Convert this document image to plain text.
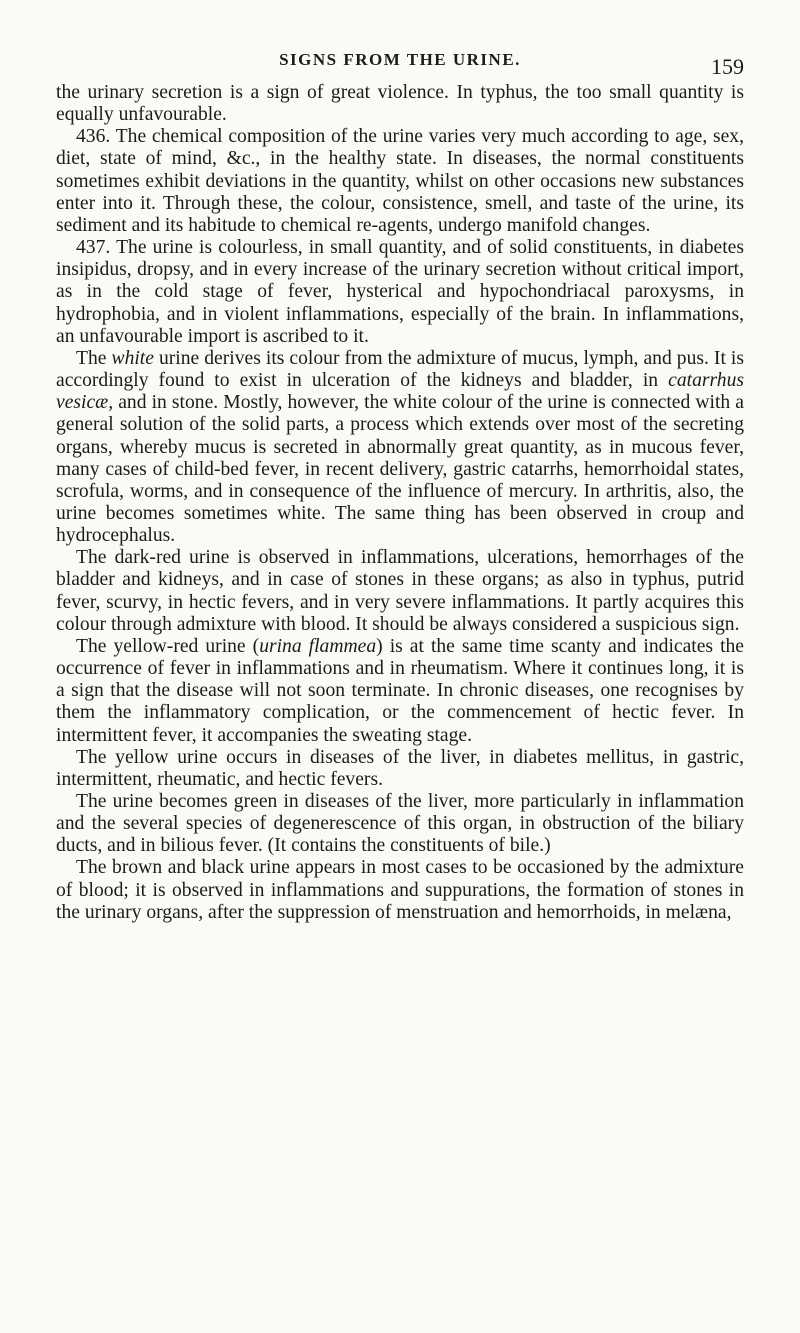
SIGNS FROM THE URINE.	159

the urinary secretion is a sign of great violence. In typhus, the too small quantity is equally unfavourable.

436. The chemical composition of the urine varies very much according to age, sex, diet, state of mind, &c., in the healthy state. In diseases, the normal constituents sometimes exhibit deviations in the quantity, whilst on other occasions new substances enter into it. Through these, the colour, consistence, smell, and taste of the urine, its sediment and its habitude to chemical re-agents, undergo manifold changes.

437. The urine is colourless, in small quantity, and of solid constituents, in diabetes insipidus, dropsy, and in every increase of the urinary secretion without critical import, as in the cold stage of fever, hysterical and hypochondriacal paroxysms, in hydrophobia, and in violent inflammations, especially of the brain. In inflammations, an unfavourable import is ascribed to it.

The white urine derives its colour from the admixture of mucus, lymph, and pus. It is accordingly found to exist in ulceration of the kidneys and bladder, in catarrhus vesicæ, and in stone. Mostly, however, the white colour of the urine is connected with a general solution of the solid parts, a process which extends over most of the secreting organs, whereby mucus is secreted in abnormally great quantity, as in mucous fever, many cases of child-bed fever, in recent delivery, gastric catarrhs, hemorrhoidal states, scrofula, worms, and in consequence of the influence of mercury. In arthritis, also, the urine becomes sometimes white. The same thing has been observed in croup and hydrocephalus.

The dark-red urine is observed in inflammations, ulcerations, hemorrhages of the bladder and kidneys, and in case of stones in these organs; as also in typhus, putrid fever, scurvy, in hectic fevers, and in very severe inflammations. It partly acquires this colour through admixture with blood. It should be always considered a suspicious sign.

The yellow-red urine (urina flammea) is at the same time scanty and indicates the occurrence of fever in inflammations and in rheumatism. Where it continues long, it is a sign that the disease will not soon terminate. In chronic diseases, one recognises by them the inflammatory complication, or the commencement of hectic fever. In intermittent fever, it accompanies the sweating stage.

The yellow urine occurs in diseases of the liver, in diabetes mellitus, in gastric, intermittent, rheumatic, and hectic fevers.

The urine becomes green in diseases of the liver, more particularly in inflammation and the several species of degenerescence of this organ, in obstruction of the biliary ducts, and in bilious fever. (It contains the constituents of bile.)

The brown and black urine appears in most cases to be occasioned by the admixture of blood; it is observed in inflammations and suppurations, the formation of stones in the urinary organs, after the suppression of menstruation and hemorrhoids, in melæna,
